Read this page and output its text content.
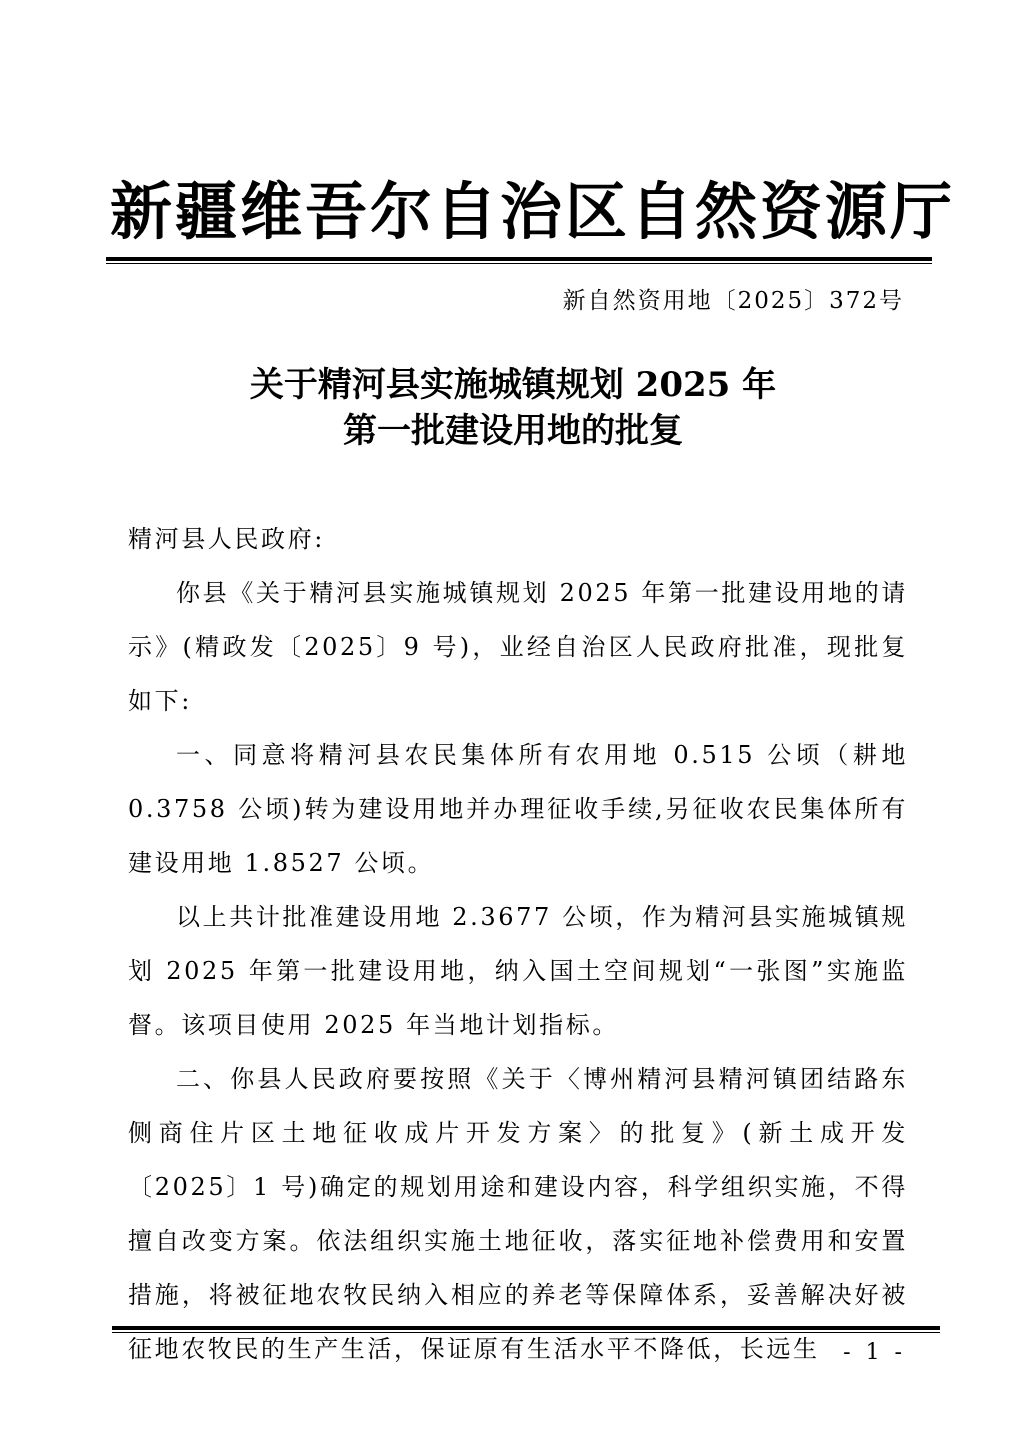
新疆维吾尔自治区自然资源厅
新自然资用地〔2025〕372号
关于精河县实施城镇规划 2025 年
第一批建设用地的批复

精河县人民政府:

你县《关于精河县实施城镇规划 2025 年第一批建设用地的请示》(精政发〔2025〕9 号)，业经自治区人民政府批准，现批复如下:

一、同意将精河县农民集体所有农用地 0.515 公顷（耕地 0.3758 公顷)转为建设用地并办理征收手续,另征收农民集体所有建设用地 1.8527 公顷。

以上共计批准建设用地 2.3677 公顷，作为精河县实施城镇规划 2025 年第一批建设用地，纳入国土空间规划“一张图”实施监督。该项目使用 2025 年当地计划指标。

二、你县人民政府要按照《关于〈博州精河县精河镇团结路东侧商住片区土地征收成片开发方案〉的批复》(新土成开发〔2025〕1 号)确定的规划用途和建设内容，科学组织实施，不得擅自改变方案。依法组织实施土地征收，落实征地补偿费用和安置措施，将被征地农牧民纳入相应的养老等保障体系，妥善解决好被征地农牧民的生产生活，保证原有生活水平不降低，长远生	- 1 -
